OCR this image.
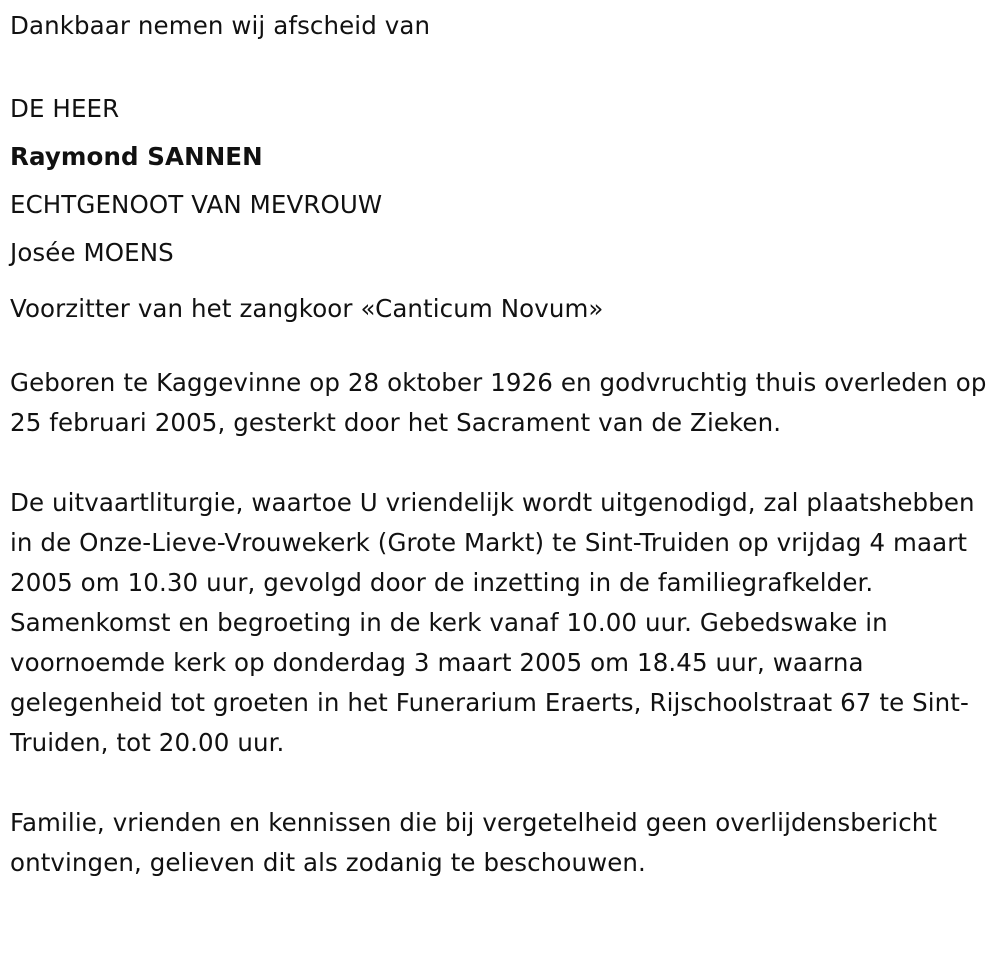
Dankbaar nemen wij afscheid van

DE HEER
Raymond SANNEN
ECHTGENOOT VAN MEVROUW
Josée MOENS

Voorzitter van het zangkoor «Canticum Novum»

Geboren te Kaggevinne op 28 oktober 1926 en godvruchtig thuis overleden op 25 februari 2005, gesterkt door het Sacrament van de Zieken.

De uitvaartliturgie, waartoe U vriendelijk wordt uitgenodigd, zal plaatshebben in de Onze-Lieve-Vrouwekerk (Grote Markt) te Sint-Truiden op vrijdag 4 maart 2005 om 10.30 uur, gevolgd door de inzetting in de familiegrafkelder. Samenkomst en begroeting in de kerk vanaf 10.00 uur. Gebedswake in voornoemde kerk op donderdag 3 maart 2005 om 18.45 uur, waarna gelegenheid tot groeten in het Funerarium Eraerts, Rijschoolstraat 67 te Sint-Truiden, tot 20.00 uur.

Familie, vrienden en kennissen die bij vergetelheid geen overlijdensbericht ontvingen, gelieven dit als zodanig te beschouwen.
